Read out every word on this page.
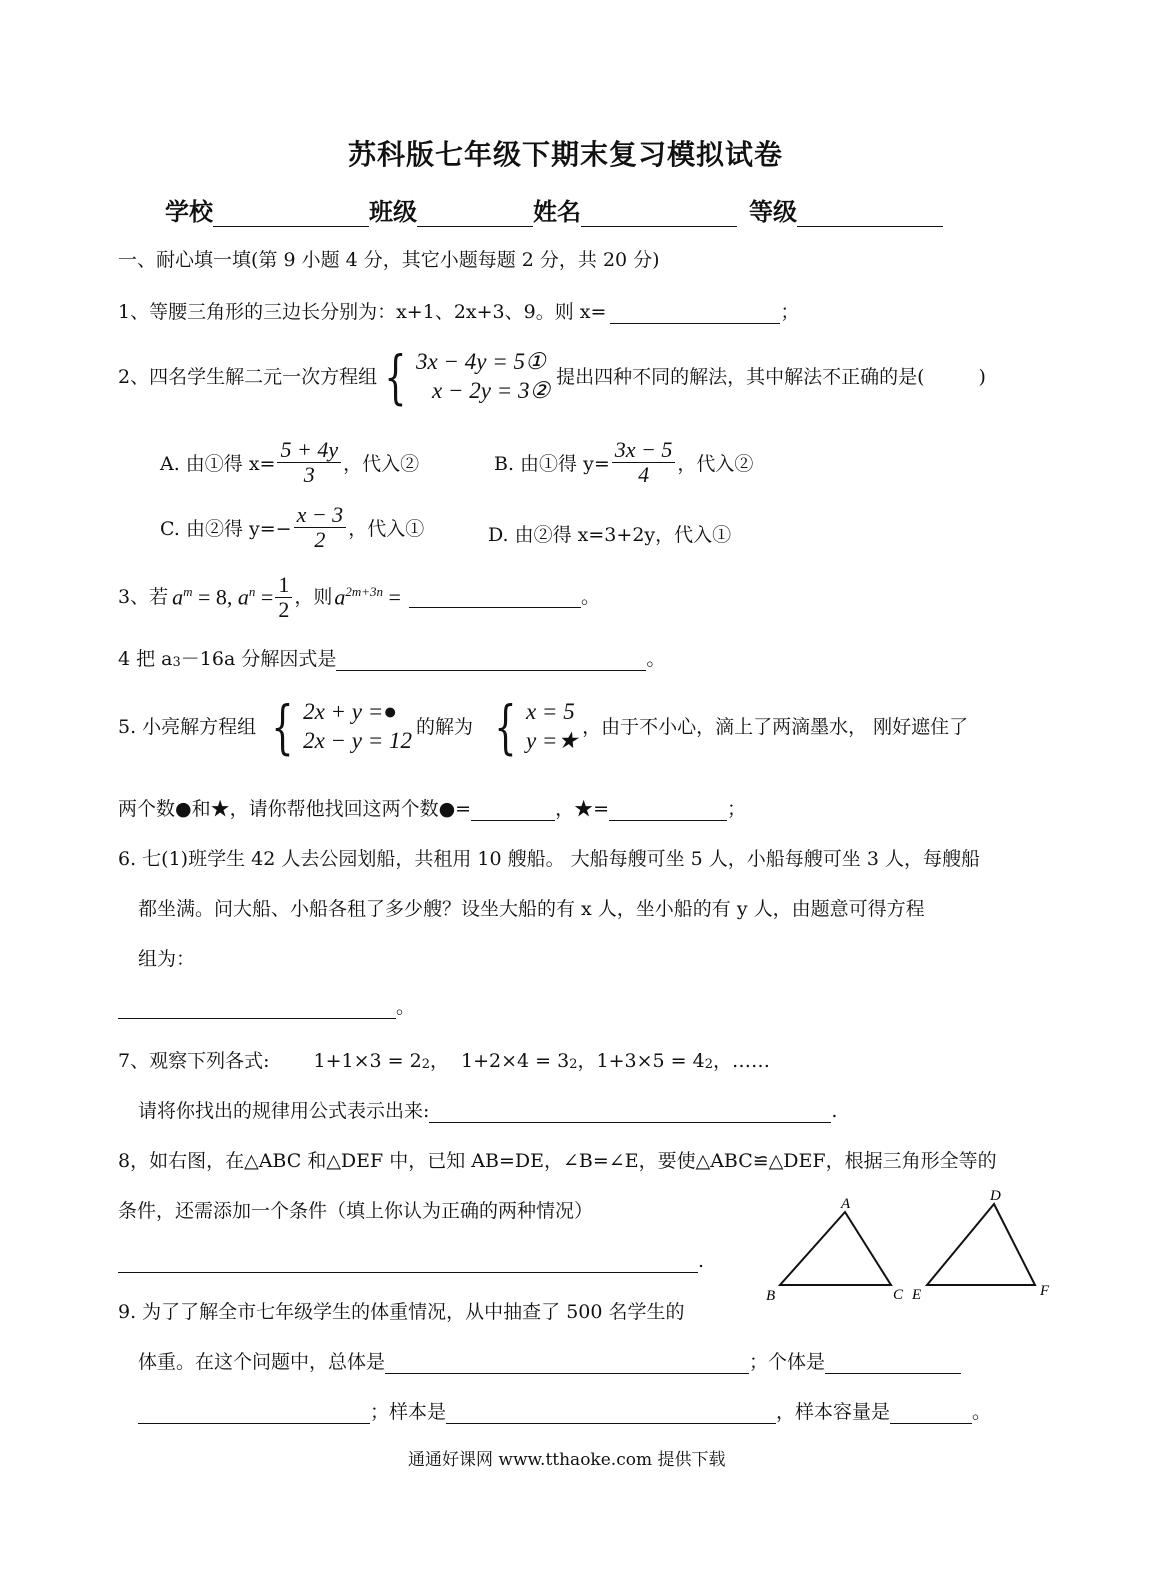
苏科版七年级下期末复习模拟试卷
学校	班级	姓名	等级
一、耐心填一填(第 9 小题 4 分，其它小题每题 2 分，共 20 分)
1、等腰三角形的三边长分别为：x+1、2x+3、9。则 x=	；
2、四名学生解二元一次方程组 { 3x − 4y = 5①
x − 2y = 3②
提出四种不同的解法，其中解法不正确的是(	)
A. 由①得 $x= \frac{5 + 4y}{3}$ ，代入②	B. 由①得 $y= \frac{3x - 5}{4}$ ，代入②
C. 由②得 $y=- \frac{x - 3}{2}$ ，代入①	D. 由②得 x=3+2y，代入①
3、若 $a^m = 8$, $a^n = \frac{1}{2}$ ，则 $a^{2m+3n}$ =	。
4 把 a 3 －16a 分解因式是	。
5. 小亮解方程组 { 2x + y =●
2x − y = 12
的解为 { x = 5
y =★
，由于不小心，滴上了两滴墨水， 刚好遮住了
两个数●和★，请你帮他找回这两个数●=	，★=	；
6. 七(1)班学生 42 人去公园划船，共租用 10 艘船。 大船每艘可坐 5 人，小船每艘可坐 3 人，每艘船
都坐满。问大船、小船各租了多少艘？设坐大船的有 x 人，坐小船的有 y 人，由题意可得方程
组为：
。
7、观察下列各式: 1+1×3 = 2 2 ， 1+2×4 = 3 2 ， 1+3×5 = 4 2 ，……
请将你找出的规律用公式表示出来:	.
8，如右图，在△ABC 和△DEF 中，已知 AB=DE，∠B=∠E，要使△ABC≌△DEF，根据三角形全等的
条件，还需添加一个条件（填上你认为正确的两种情况）
.
A
B	C
D
E	F
9. 为了了解全市七年级学生的体重情况，从中抽查了 500 名学生的
体重。在这个问题中，总体是	；个体是
；样本是	，样本容量是	。
通通好课网 www.tthaoke.com 提供下载
